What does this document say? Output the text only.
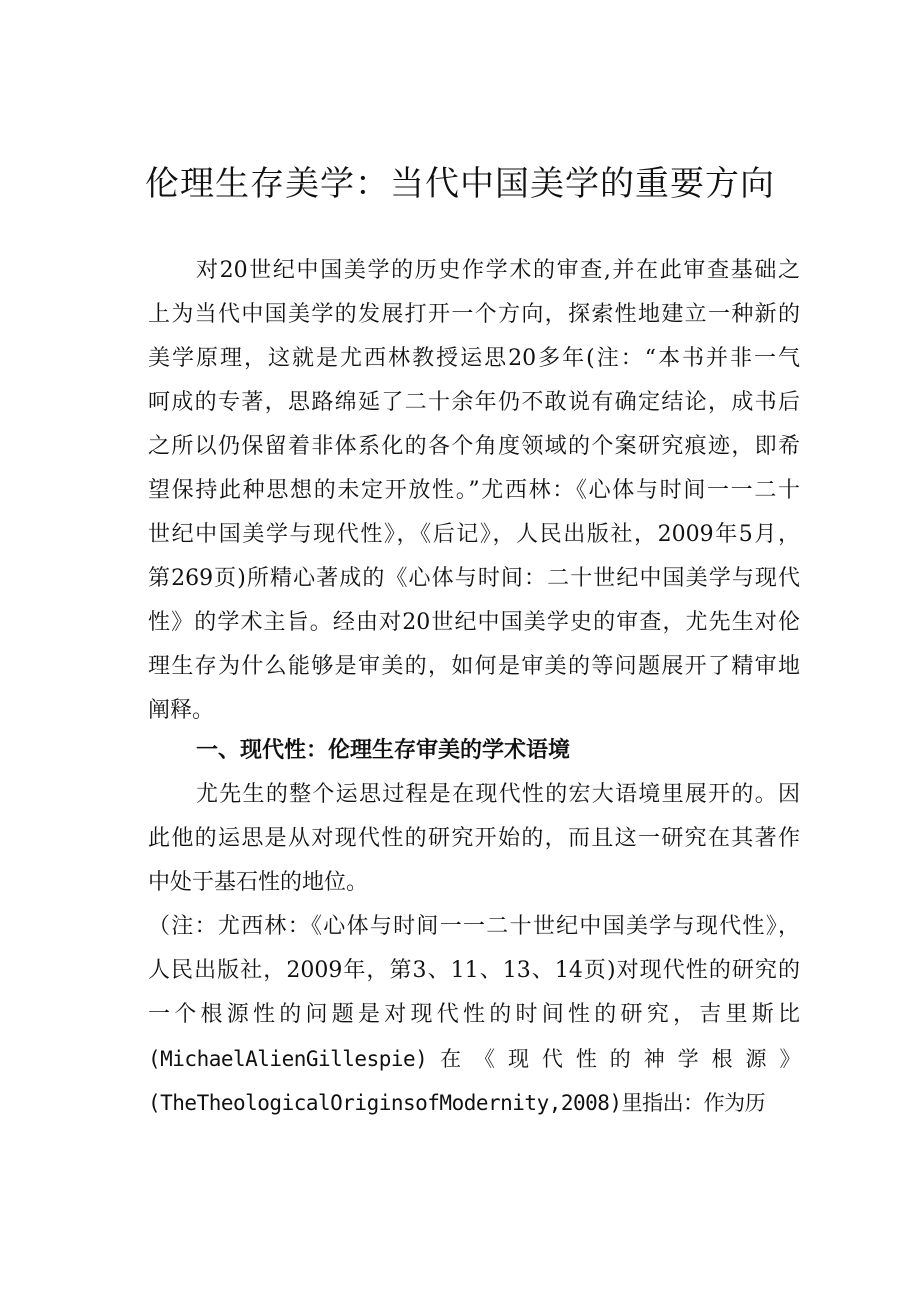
伦理生存美学：当代中国美学的重要方向
对20世纪中国美学的历史作学术的审查,并在此审查基础之
上为当代中国美学的发展打开一个方向，探索性地建立一种新的
美学原理，这就是尤西林教授运思20多年(注：“本书并非一气
呵成的专著，思路绵延了二十余年仍不敢说有确定结论，成书后
之所以仍保留着非体系化的各个角度领域的个案研究痕迹，即希
望保持此种思想的未定开放性。”尤西林：《心体与时间一一二十
世纪中国美学与现代性》，《后记》，人民出版社，2009年5月，
第269页)所精心著成的《心体与时间：二十世纪中国美学与现代
性》的学术主旨。经由对20世纪中国美学史的审查，尤先生对伦
理生存为什么能够是审美的，如何是审美的等问题展开了精审地
阐释。
一、现代性：伦理生存审美的学术语境
尤先生的整个运思过程是在现代性的宏大语境里展开的。因
此他的运思是从对现代性的研究开始的，而且这一研究在其著作
中处于基石性的地位。
（注：尤西林：《心体与时间一一二十世纪中国美学与现代性》，
人民出版社，2009年，第3、11、13、14页)对现代性的研究的
一个根源性的问题是对现代性的时间性的研究，吉里斯比
(MichaelAlienGillespie) 在 《 现 代 性 的 神 学 根 源 》
(TheTheologicalOriginsofModernity,2008)里指出：作为历
